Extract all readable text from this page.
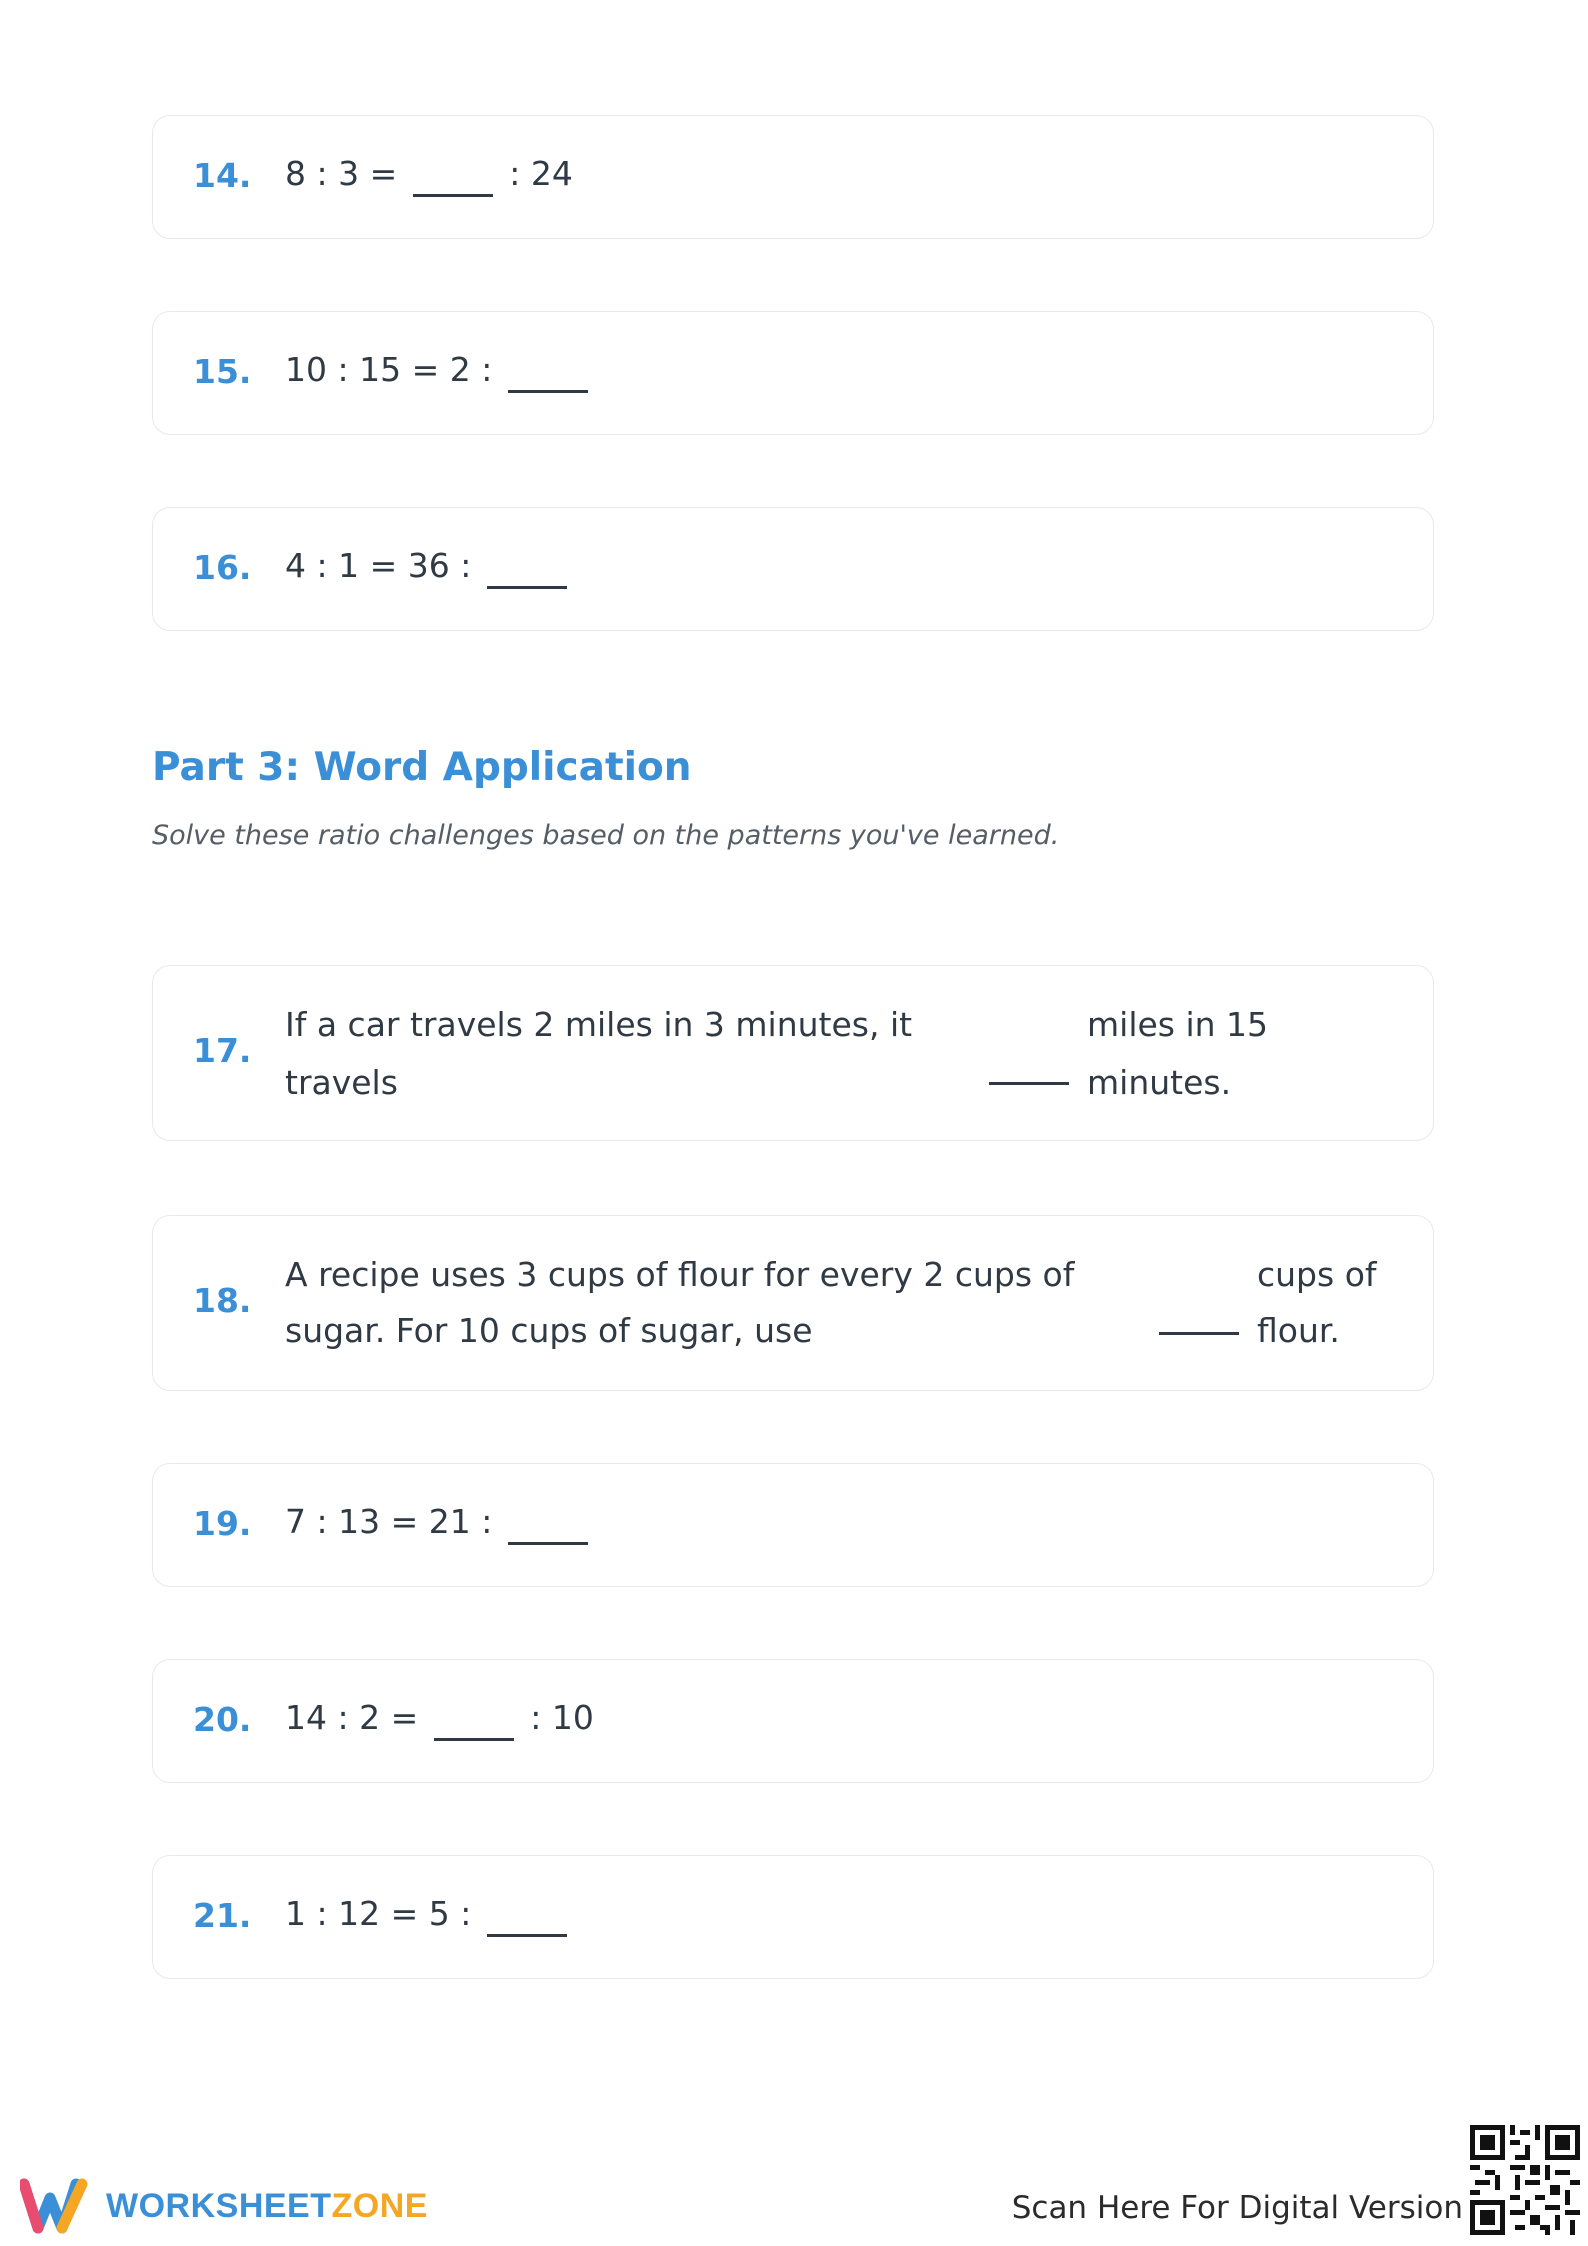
14. 8 : 3 =	: 24
15. 10 : 15 = 2 :
16. 4 : 1 = 36 :
Part 3: Word Application
Solve these ratio challenges based on the patterns you've learned.
17.
If a car travels 2 miles in 3 minutes, it
travels
miles in 15
minutes.
18.
A recipe uses 3 cups of flour for every 2 cups of
sugar. For 10 cups of sugar, use
cups of
flour.
19. 7 : 13 = 21 :
20. 14 : 2 =	: 10
21. 1 : 12 = 5 :
WORKSHEETZONE	Scan Here For Digital Version
